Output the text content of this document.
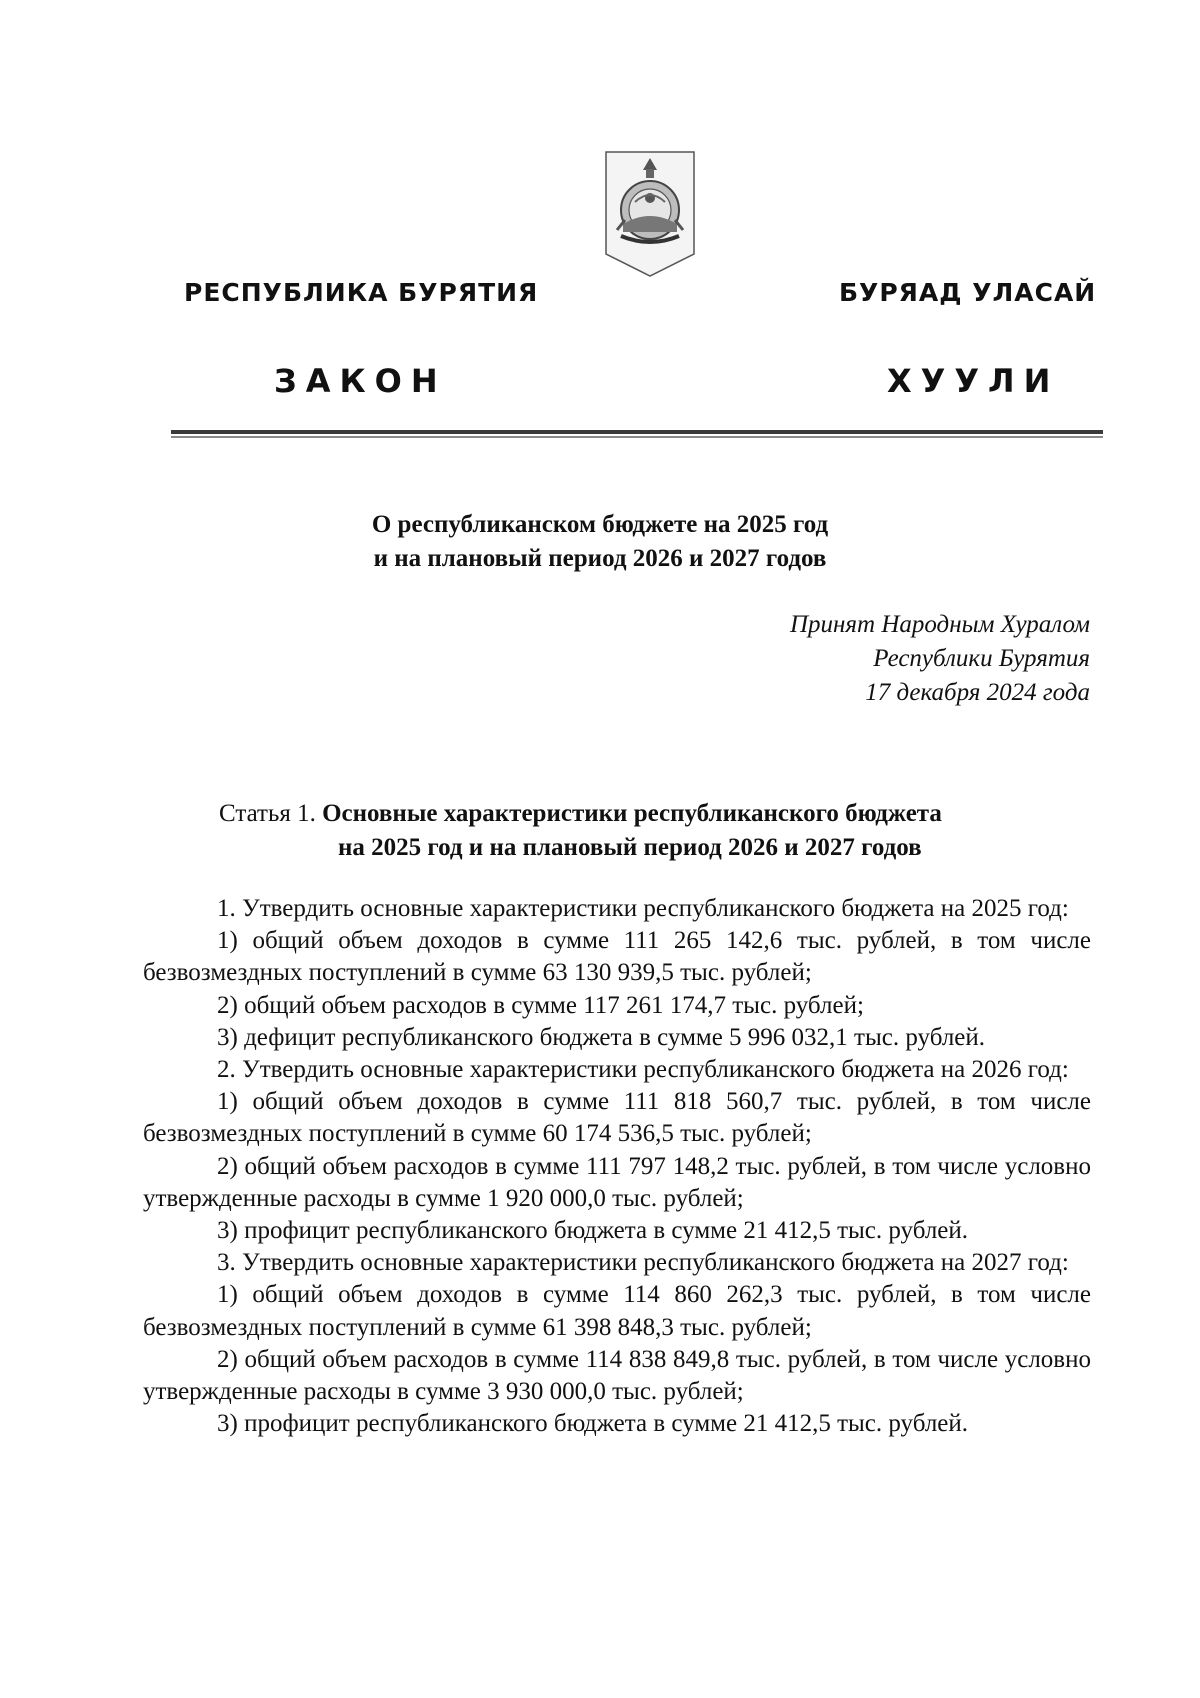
РЕСПУБЛИКА БУРЯТИЯ	БУРЯАД УЛАСАЙ
ЗАКОН	ХУУЛИ
О республиканском бюджете на 2025 год
и на плановый период 2026 и 2027 годов
Принят Народным Хуралом
Республики Бурятия
17 декабря 2024 года
Статья 1. Основные характеристики республиканского бюджета
на 2025 год и на плановый период 2026 и 2027 годов

1. Утвердить основные характеристики республиканского бюджета на 2025 год:

1) общий объем доходов в сумме 111 265 142,6 тыс. рублей, в том числе безвозмездных поступлений в сумме 63 130 939,5 тыс. рублей;

2) общий объем расходов в сумме 117 261 174,7 тыс. рублей;

3) дефицит республиканского бюджета в сумме 5 996 032,1 тыс. рублей.

2. Утвердить основные характеристики республиканского бюджета на 2026 год:

1) общий объем доходов в сумме 111 818 560,7 тыс. рублей, в том числе безвозмездных поступлений в сумме 60 174 536,5 тыс. рублей;

2) общий объем расходов в сумме 111 797 148,2 тыс. рублей, в том числе условно утвержденные расходы в сумме 1 920 000,0 тыс. рублей;

3) профицит республиканского бюджета в сумме 21 412,5 тыс. рублей.

3. Утвердить основные характеристики республиканского бюджета на 2027 год:

1) общий объем доходов в сумме 114 860 262,3 тыс. рублей, в том числе безвозмездных поступлений в сумме 61 398 848,3 тыс. рублей;

2) общий объем расходов в сумме 114 838 849,8 тыс. рублей, в том числе условно утвержденные расходы в сумме 3 930 000,0 тыс. рублей;

3) профицит республиканского бюджета в сумме 21 412,5 тыс. рублей.
